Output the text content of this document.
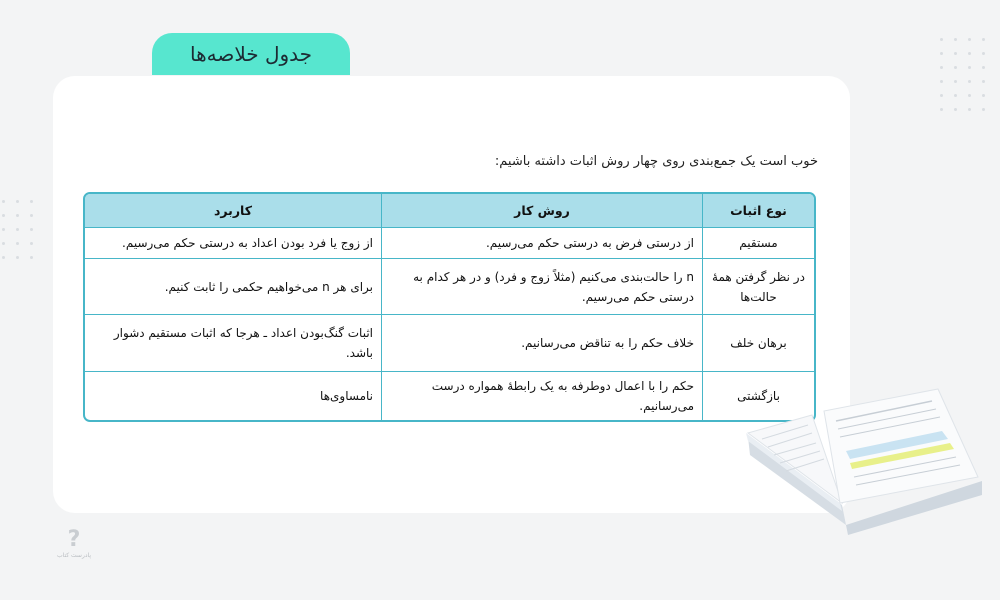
جدول خلاصه‌ها
خوب است یک جمع‌بندی روی چهار روش اثبات داشته باشیم:
نوع اثبات	روش کار	کاربرد
مستقیم	از درستی فرض به درستی حکم می‌رسیم.	از زوج یا فرد بودن اعداد به درستی حکم می‌رسیم.
در نظر گرفتن همهٔ حالت‌ها	n را حالت‌بندی می‌کنیم (مثلاً زوج و فرد) و در هر کدام به درستی حکم می‌رسیم.	برای هر n می‌خواهیم حکمی را ثابت کنیم.
برهان خلف	خلاف حکم را به تناقض می‌رسانیم.	اثبات گنگ‌بودن اعداد ـ هرجا که اثبات مستقیم دشوار باشد.
بازگشتی	حکم را با اعمال دوطرفه به یک رابطهٔ همواره درست می‌رسانیم.	نامساوی‌ها
?
پادرست کتاب
